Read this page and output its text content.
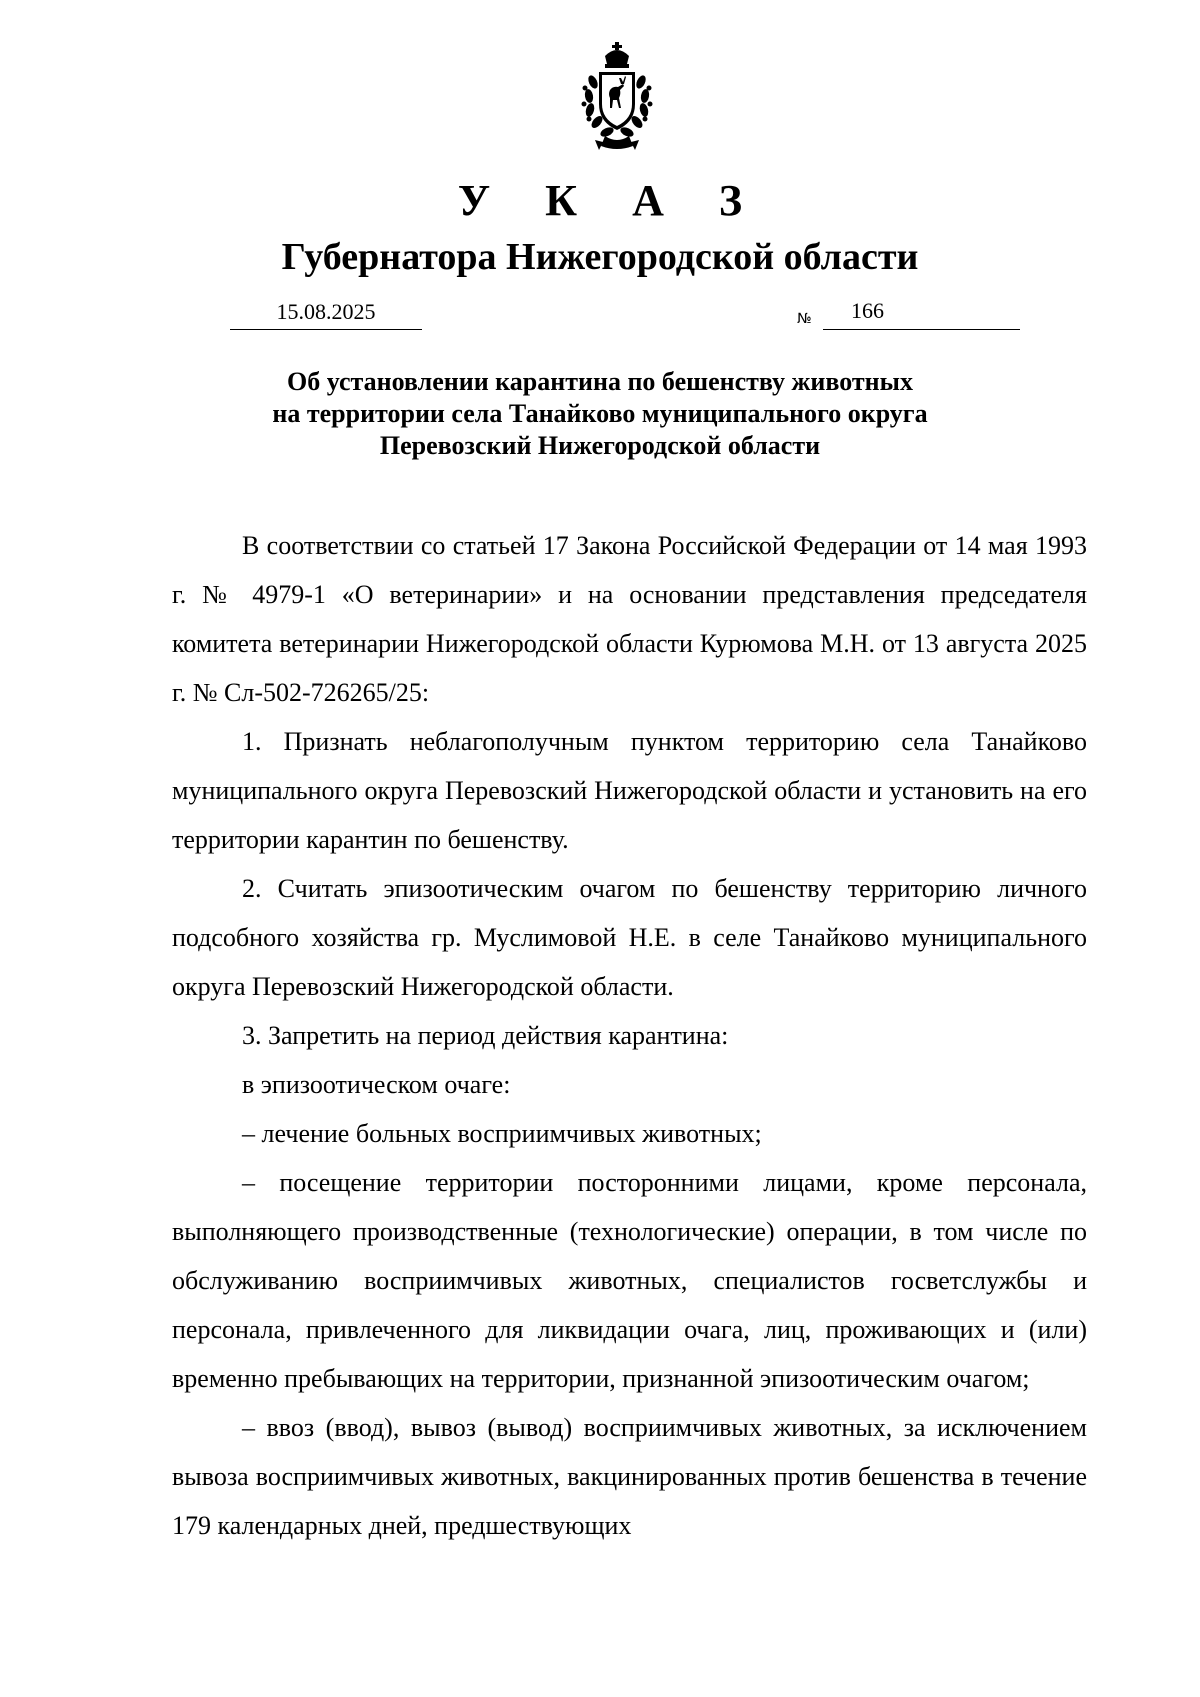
У К А З
Губернатора Нижегородской области
15.08.2025	№	166
Об установлении карантина по бешенству животных
на территории села Танайково муниципального округа
Перевозский Нижегородской области

В соответствии со статьей 17 Закона Российской Федерации от 14 мая 1993 г. № 4979-1 «О ветеринарии» и на основании представления председателя комитета ветеринарии Нижегородской области Курюмова М.Н. от 13 августа 2025 г. № Сл-502-726265/25:

1. Признать неблагополучным пунктом территорию села Танайково муниципального округа Перевозский Нижегородской области и установить на его территории карантин по бешенству.

2. Считать эпизоотическим очагом по бешенству территорию личного подсобного хозяйства гр. Муслимовой Н.Е. в селе Танайково муниципального округа Перевозский Нижегородской области.

3. Запретить на период действия карантина:

в эпизоотическом очаге:

– лечение больных восприимчивых животных;

– посещение территории посторонними лицами, кроме персонала, выполняющего производственные (технологические) операции, в том числе по обслуживанию восприимчивых животных, специалистов госветслужбы и персонала, привлеченного для ликвидации очага, лиц, проживающих и (или) временно пребывающих на территории, признанной эпизоотическим очагом;

– ввоз (ввод), вывоз (вывод) восприимчивых животных, за исключением вывоза восприимчивых животных, вакцинированных против бешенства в течение 179 календарных дней, предшествующих
